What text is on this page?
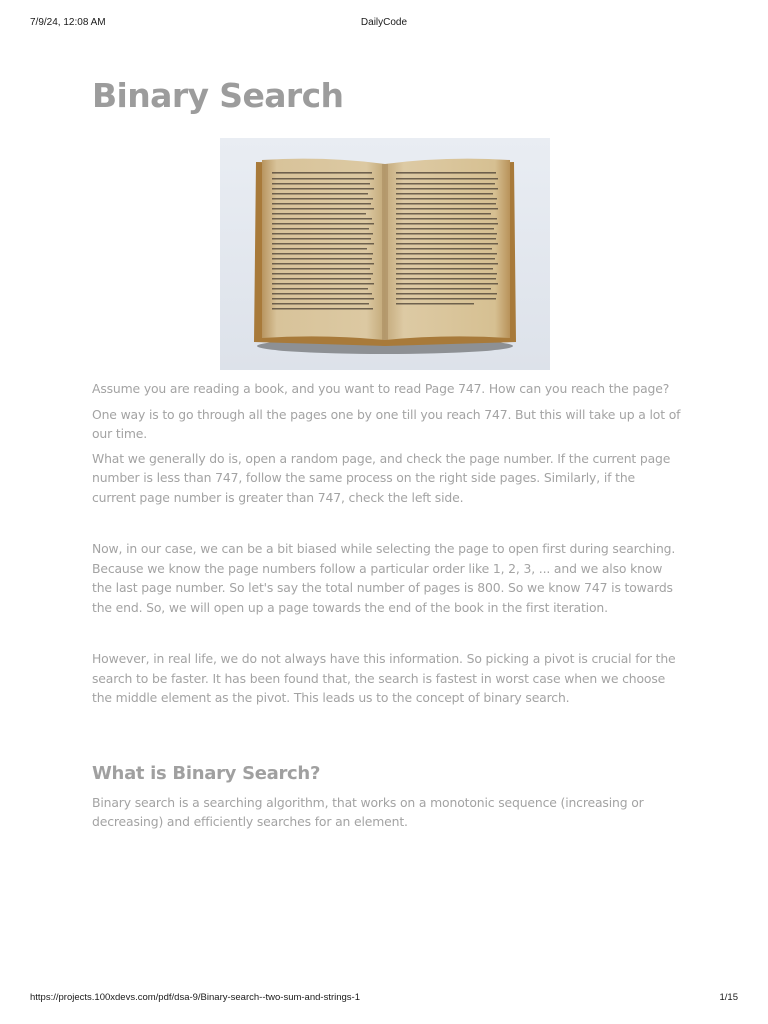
7/9/24, 12:08 AM	DailyCode
Binary Search

Assume you are reading a book, and you want to read Page 747. How can you reach the page?

One way is to go through all the pages one by one till you reach 747. But this will take up a lot of our time.

What we generally do is, open a random page, and check the page number. If the current page number is less than 747, follow the same process on the right side pages. Similarly, if the current page number is greater than 747, check the left side.

Now, in our case, we can be a bit biased while selecting the page to open first during searching. Because we know the page numbers follow a particular order like 1, 2, 3, ... and we also know the last page number. So let's say the total number of pages is 800. So we know 747 is towards the end. So, we will open up a page towards the end of the book in the first iteration.

However, in real life, we do not always have this information. So picking a pivot is crucial for the search to be faster. It has been found that, the search is fastest in worst case when we choose the middle element as the pivot. This leads us to the concept of binary search.

What is Binary Search?

Binary search is a searching algorithm, that works on a monotonic sequence (increasing or decreasing) and efficiently searches for an element.

https://projects.100xdevs.com/pdf/dsa-9/Binary-search--two-sum-and-strings-1	1/15
